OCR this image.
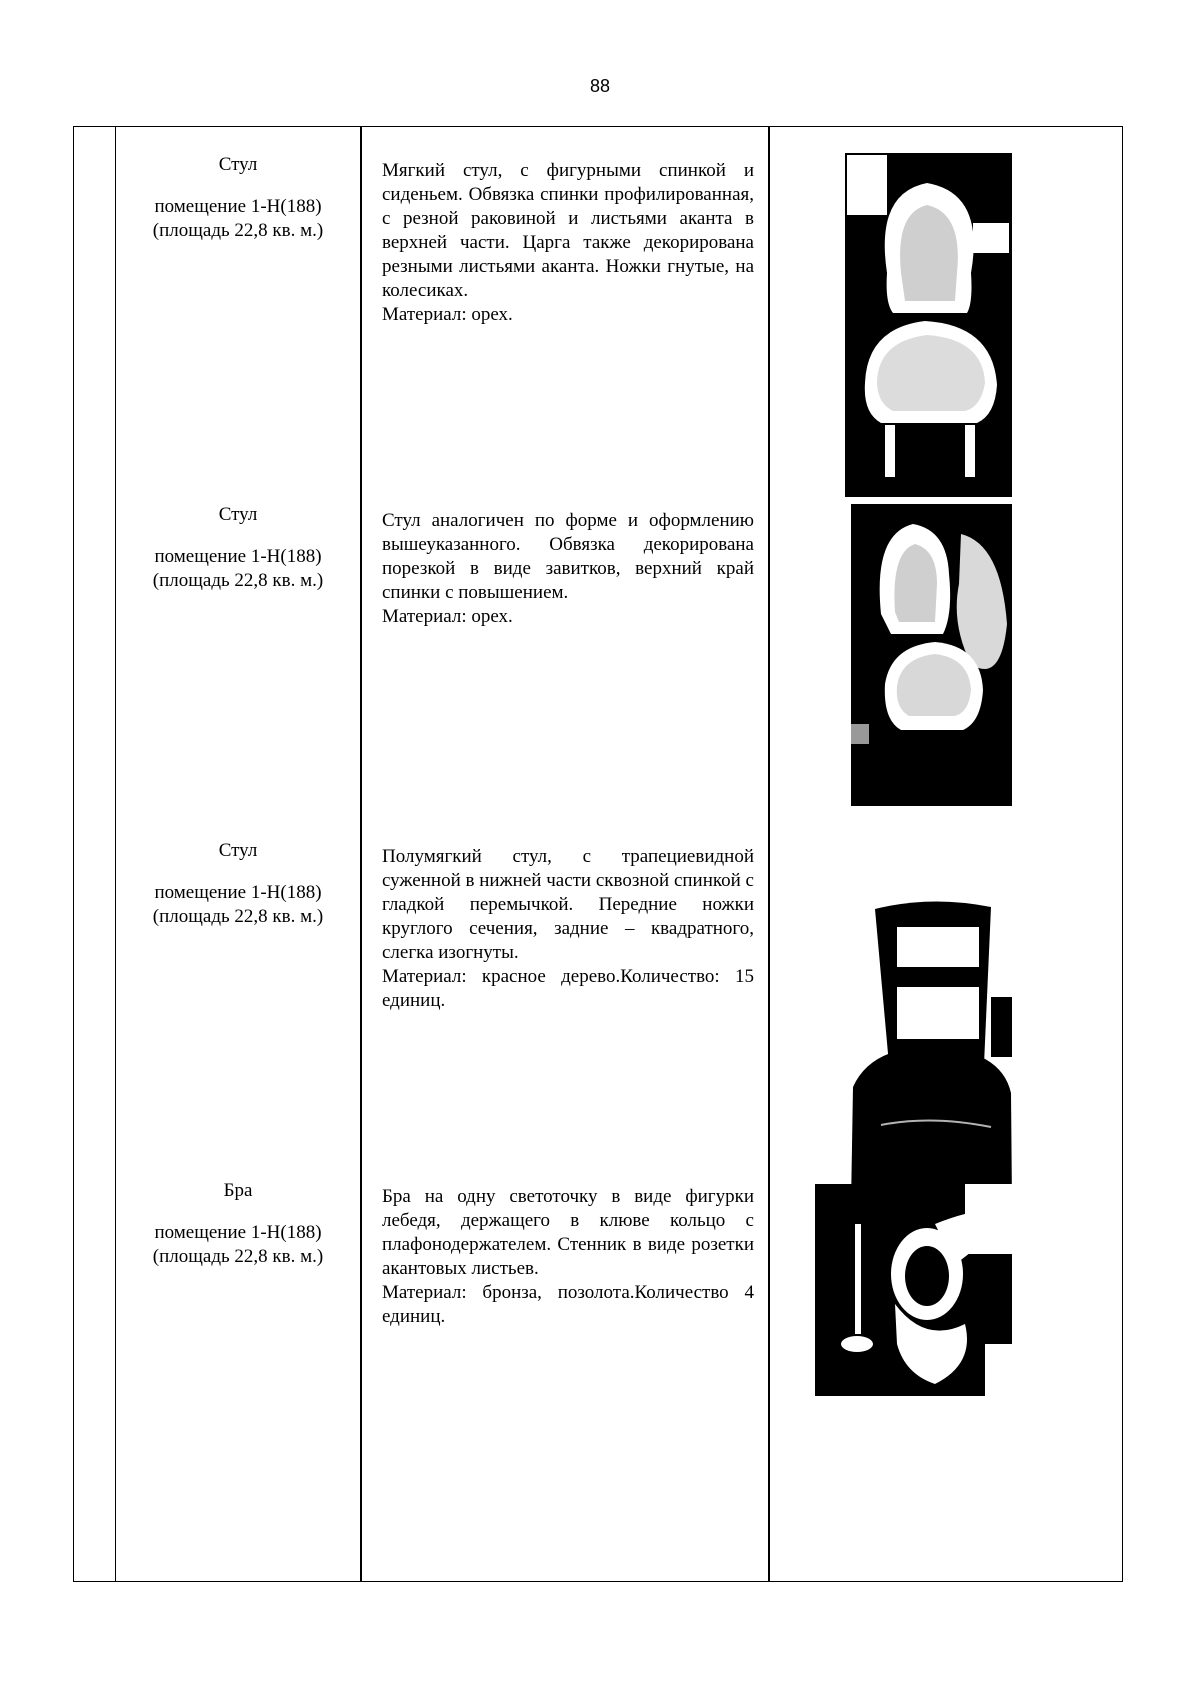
88
Стул
помещение 1-Н(188)
(площадь 22,8 кв. м.)

Мягкий стул, с фигурными спинкой и сиденьем. Обвязка спинки профилированная, с резной раковиной и листьями аканта в верхней части. Царга также декорирована резными листьями аканта. Ножки гнутые, на колесиках.

Материал: орех.

Стул
помещение 1-Н(188)
(площадь 22,8 кв. м.)

Стул аналогичен по форме и оформлению вышеуказанного. Обвязка декорирована порезкой в виде завитков, верхний край спинки с повышением.

Материал: орех.

Стул
помещение 1-Н(188)
(площадь 22,8 кв. м.)

Полумягкий стул, с трапециевидной суженной в нижней части сквозной спинкой с гладкой перемычкой. Передние ножки круглого сечения, задние – квадратного, слегка изогнуты.

Материал: красное дерево.Количество: 15 единиц.

Бра
помещение 1-Н(188)
(площадь 22,8 кв. м.)

Бра на одну светоточку в виде фигурки лебедя, держащего в клюве кольцо с плафонодержателем. Стенник в виде розетки акантовых листьев.

Материал: бронза, позолота.Количество 4 единиц.
